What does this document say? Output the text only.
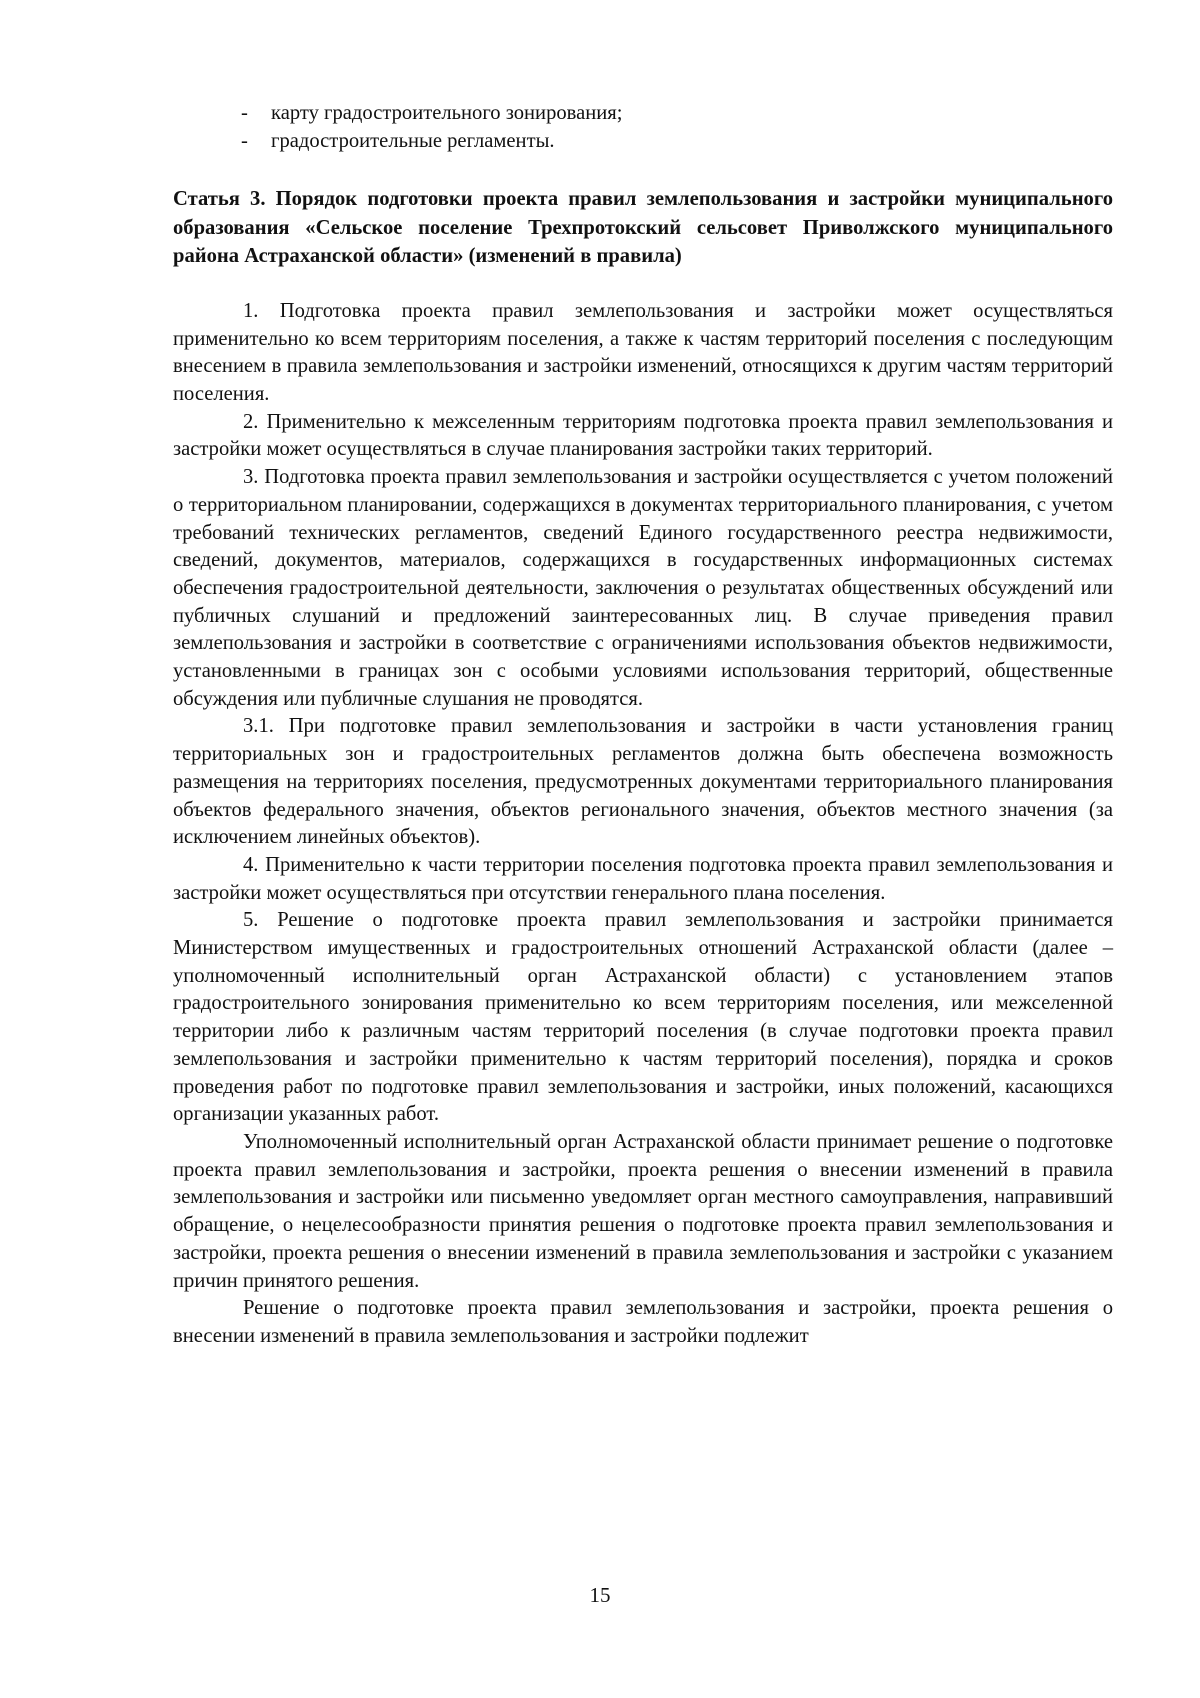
- карту градостроительного зонирования;
- градостроительные регламенты.

Статья 3. Порядок подготовки проекта правил землепользования и застройки муниципального образования «Сельское поселение Трехпротокский сельсовет Приволжского муниципального района Астраханской области» (изменений в правила)

1. Подготовка проекта правил землепользования и застройки может осуществляться применительно ко всем территориям поселения, а также к частям территорий поселения с последующим внесением в правила землепользования и застройки изменений, относящихся к другим частям территорий поселения.

2. Применительно к межселенным территориям подготовка проекта правил землепользования и застройки может осуществляться в случае планирования застройки таких территорий.

3. Подготовка проекта правил землепользования и застройки осуществляется с учетом положений о территориальном планировании, содержащихся в документах территориального планирования, с учетом требований технических регламентов, сведений Единого государственного реестра недвижимости, сведений, документов, материалов, содержащихся в государственных информационных системах обеспечения градостроительной деятельности, заключения о результатах общественных обсуждений или публичных слушаний и предложений заинтересованных лиц. В случае приведения правил землепользования и застройки в соответствие с ограничениями использования объектов недвижимости, установленными в границах зон с особыми условиями использования территорий, общественные обсуждения или публичные слушания не проводятся.

3.1. При подготовке правил землепользования и застройки в части установления границ территориальных зон и градостроительных регламентов должна быть обеспечена возможность размещения на территориях поселения, предусмотренных документами территориального планирования объектов федерального значения, объектов регионального значения, объектов местного значения (за исключением линейных объектов).

4. Применительно к части территории поселения подготовка проекта правил землепользования и застройки может осуществляться при отсутствии генерального плана поселения.

5. Решение о подготовке проекта правил землепользования и застройки принимается Министерством имущественных и градостроительных отношений Астраханской области (далее – уполномоченный исполнительный орган Астраханской области) с установлением этапов градостроительного зонирования применительно ко всем территориям поселения, или межселенной территории либо к различным частям территорий поселения (в случае подготовки проекта правил землепользования и застройки применительно к частям территорий поселения), порядка и сроков проведения работ по подготовке правил землепользования и застройки, иных положений, касающихся организации указанных работ.

Уполномоченный исполнительный орган Астраханской области принимает решение о подготовке проекта правил землепользования и застройки, проекта решения о внесении изменений в правила землепользования и застройки или письменно уведомляет орган местного самоуправления, направивший обращение, о нецелесообразности принятия решения о подготовке проекта правил землепользования и застройки, проекта решения о внесении изменений в правила землепользования и застройки с указанием причин принятого решения.

Решение о подготовке проекта правил землепользования и застройки, проекта решения о внесении изменений в правила землепользования и застройки подлежит

15
